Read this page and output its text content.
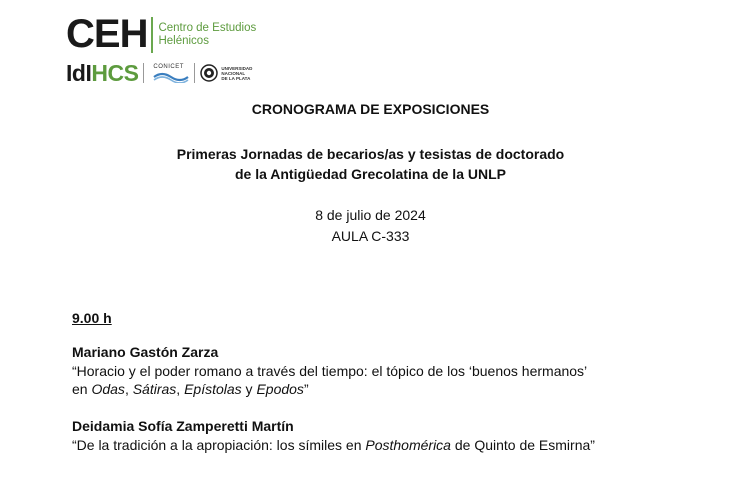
CEH Centro de Estudios
Helénicos
IdIHCS	CONICET	UNIVERSIDAD
NACIONAL
DE LA PLATA
CRONOGRAMA DE EXPOSICIONES
Primeras Jornadas de becarios/as y tesistas de doctorado
de la Antigüedad Grecolatina de la UNLP
8 de julio de 2024
AULA C-333
9.00 h
Mariano Gastón Zarza
“Horacio y el poder romano a través del tiempo: el tópico de los ‘buenos hermanos’
en Odas, Sátiras, Epístolas y Epodos”
Deidamia Sofía Zamperetti Martín
“De la tradición a la apropiación: los símiles en Posthomérica de Quinto de Esmirna”
